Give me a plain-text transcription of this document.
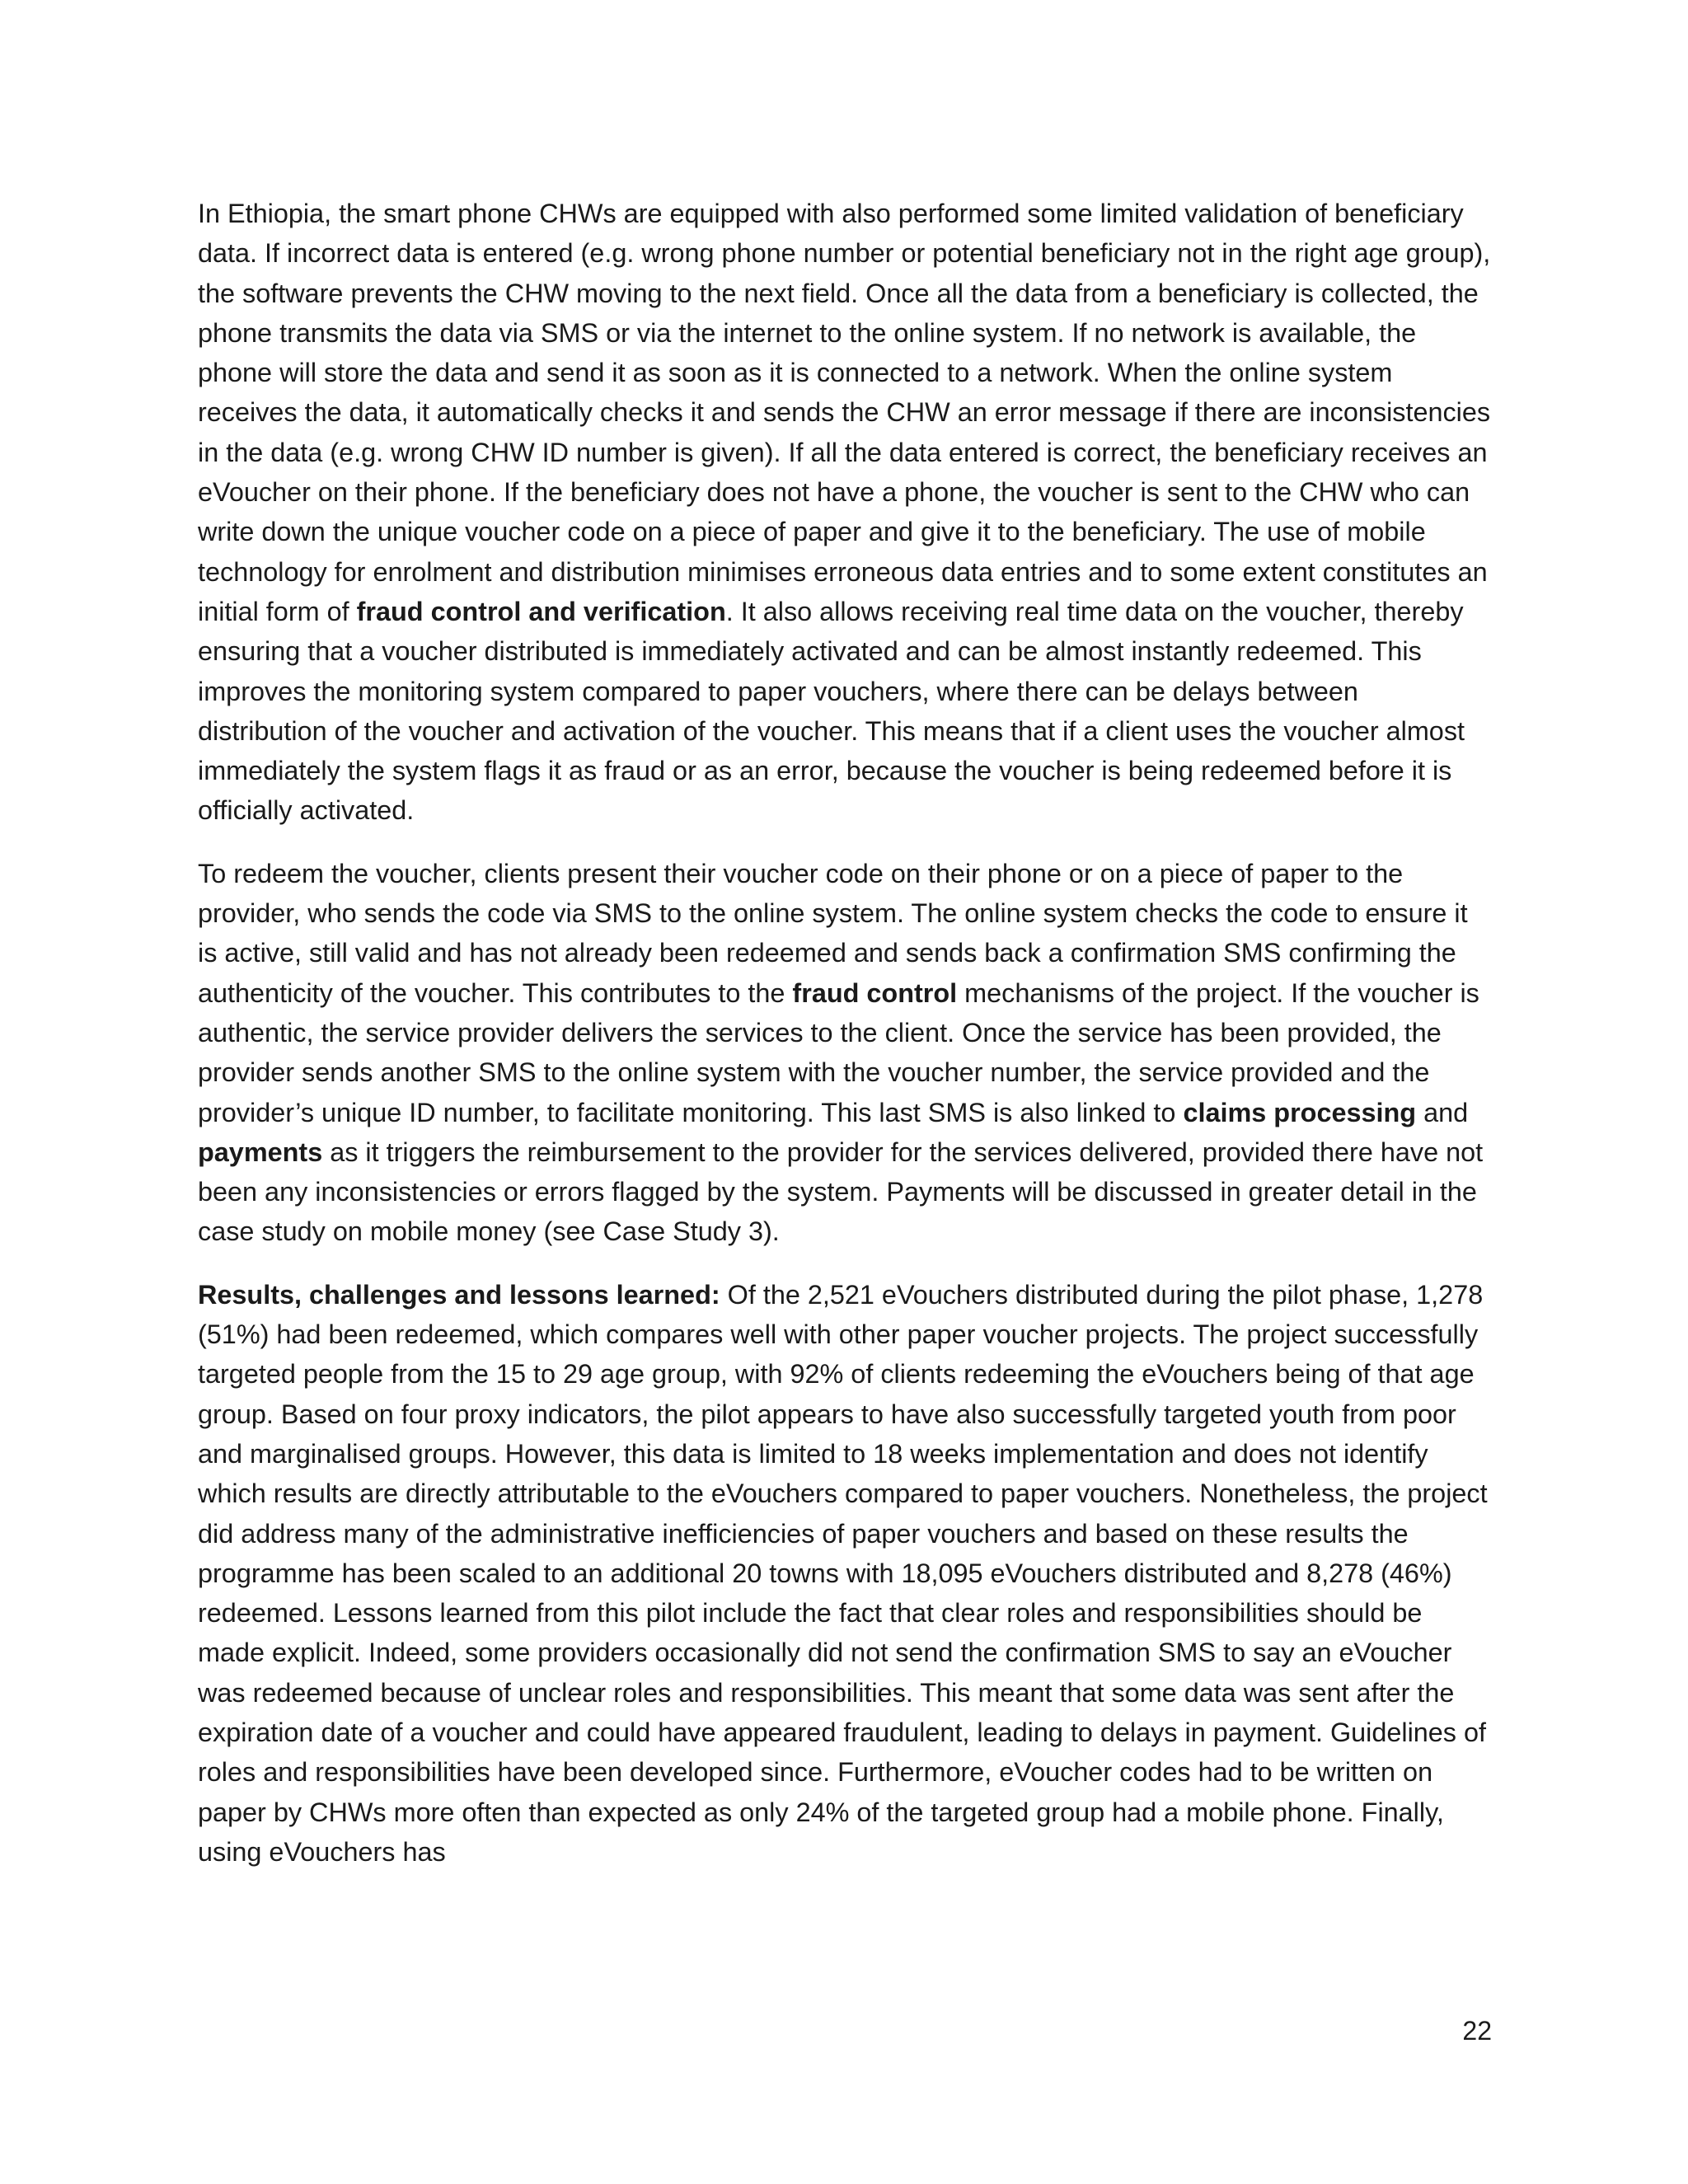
In Ethiopia, the smart phone CHWs are equipped with also performed some limited validation of beneficiary data. If incorrect data is entered (e.g. wrong phone number or potential beneficiary not in the right age group), the software prevents the CHW moving to the next field. Once all the data from a beneficiary is collected, the phone transmits the data via SMS or via the internet to the online system. If no network is available, the phone will store the data and send it as soon as it is connected to a network. When the online system receives the data, it automatically checks it and sends the CHW an error message if there are inconsistencies in the data (e.g. wrong CHW ID number is given). If all the data entered is correct, the beneficiary receives an eVoucher on their phone. If the beneficiary does not have a phone, the voucher is sent to the CHW who can write down the unique voucher code on a piece of paper and give it to the beneficiary. The use of mobile technology for enrolment and distribution minimises erroneous data entries and to some extent constitutes an initial form of fraud control and verification. It also allows receiving real time data on the voucher, thereby ensuring that a voucher distributed is immediately activated and can be almost instantly redeemed. This improves the monitoring system compared to paper vouchers, where there can be delays between distribution of the voucher and activation of the voucher. This means that if a client uses the voucher almost immediately the system flags it as fraud or as an error, because the voucher is being redeemed before it is officially activated.

To redeem the voucher, clients present their voucher code on their phone or on a piece of paper to the provider, who sends the code via SMS to the online system. The online system checks the code to ensure it is active, still valid and has not already been redeemed and sends back a confirmation SMS confirming the authenticity of the voucher. This contributes to the fraud control mechanisms of the project. If the voucher is authentic, the service provider delivers the services to the client. Once the service has been provided, the provider sends another SMS to the online system with the voucher number, the service provided and the provider’s unique ID number, to facilitate monitoring. This last SMS is also linked to claims processing and payments as it triggers the reimbursement to the provider for the services delivered, provided there have not been any inconsistencies or errors flagged by the system. Payments will be discussed in greater detail in the case study on mobile money (see Case Study 3).

Results, challenges and lessons learned: Of the 2,521 eVouchers distributed during the pilot phase, 1,278 (51%) had been redeemed, which compares well with other paper voucher projects. The project successfully targeted people from the 15 to 29 age group, with 92% of clients redeeming the eVouchers being of that age group. Based on four proxy indicators, the pilot appears to have also successfully targeted youth from poor and marginalised groups. However, this data is limited to 18 weeks implementation and does not identify which results are directly attributable to the eVouchers compared to paper vouchers. Nonetheless, the project did address many of the administrative inefficiencies of paper vouchers and based on these results the programme has been scaled to an additional 20 towns with 18,095 eVouchers distributed and 8,278 (46%) redeemed. Lessons learned from this pilot include the fact that clear roles and responsibilities should be made explicit. Indeed, some providers occasionally did not send the confirmation SMS to say an eVoucher was redeemed because of unclear roles and responsibilities. This meant that some data was sent after the expiration date of a voucher and could have appeared fraudulent, leading to delays in payment. Guidelines of roles and responsibilities have been developed since. Furthermore, eVoucher codes had to be written on paper by CHWs more often than expected as only 24% of the targeted group had a mobile phone. Finally, using eVouchers has

22
